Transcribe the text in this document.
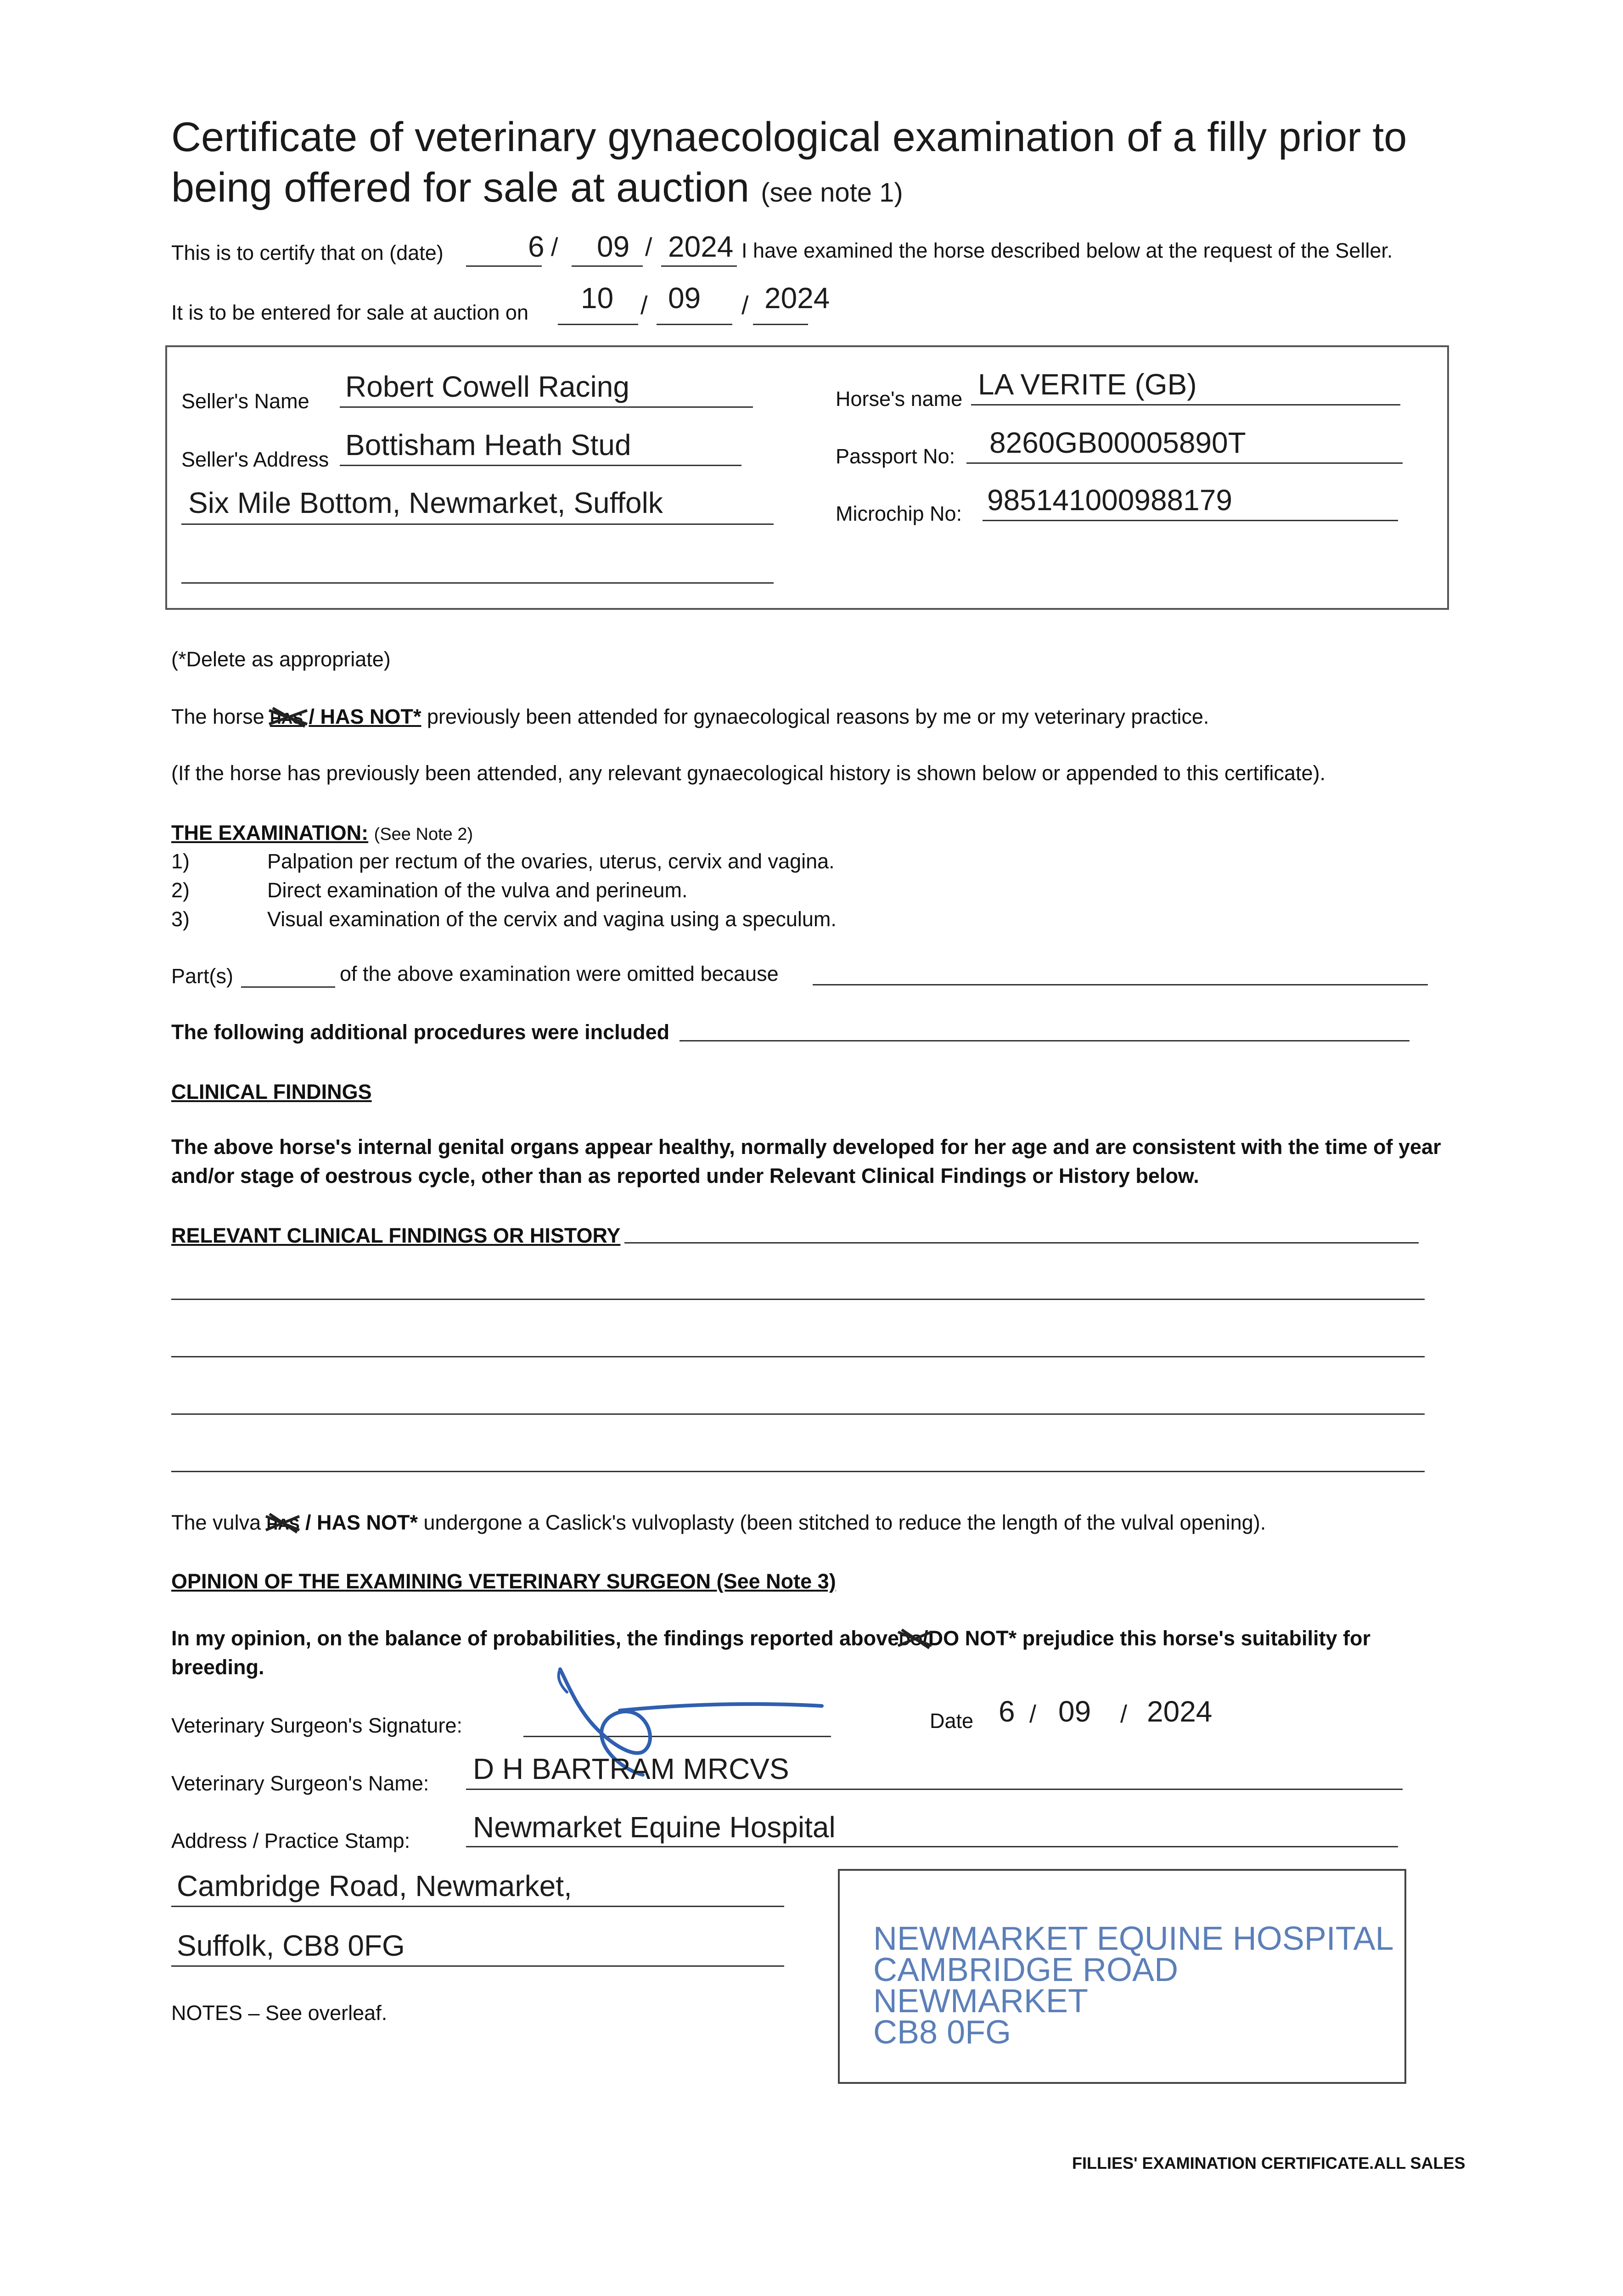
Certificate of veterinary gynaecological examination of a filly prior to
being offered for sale at auction (see note 1)
This is to certify that on (date)	6 / 09 / 2024 I have examined the horse described below at the request of the Seller.
It is to be entered for sale at auction on 10 / 09 / 2024
Seller's Name Robert Cowell Racing
Seller's Address Bottisham Heath Stud
Six Mile Bottom, Newmarket, Suffolk
Horse's name LA VERITE (GB)
Passport No: 8260GB00005890T
Microchip No: 985141000988179
(*Delete as appropriate)
The horse HAS / HAS NOT* previously been attended for gynaecological reasons by me or my veterinary practice.
(If the horse has previously been attended, any relevant gynaecological history is shown below or appended to this certificate).
THE EXAMINATION: (See Note 2)
1)	Palpation per rectum of the ovaries, uterus, cervix and vagina.
2)	Direct examination of the vulva and perineum.
3)	Visual examination of the cervix and vagina using a speculum.
Part(s)	of the above examination were omitted because
The following additional procedures were included
CLINICAL FINDINGS
The above horse's internal genital organs appear healthy, normally developed for her age and are consistent with the time of year
and/or stage of oestrous cycle, other than as reported under Relevant Clinical Findings or History below.
RELEVANT CLINICAL FINDINGS OR HISTORY
The vulva HAS / HAS NOT* undergone a Caslick's vulvoplasty (been stitched to reduce the length of the vulval opening).
OPINION OF THE EXAMINING VETERINARY SURGEON (See Note 3)
In my opinion, on the balance of probabilities, the findings reported aboveDO
/DO NOT* prejudice this horse's suitability for
breeding.
Veterinary Surgeon's Signature:	Date 6 / 09 / 2024
Veterinary Surgeon's Name: D H BARTRAM MRCVS
Address / Practice Stamp: Newmarket Equine Hospital
Cambridge Road, Newmarket,
Suffolk, CB8 0FG
NOTES – See overleaf.
NEWMARKET EQUINE HOSPITAL
CAMBRIDGE ROAD
NEWMARKET
CB8 0FG
FILLIES' EXAMINATION CERTIFICATE.ALL SALES
